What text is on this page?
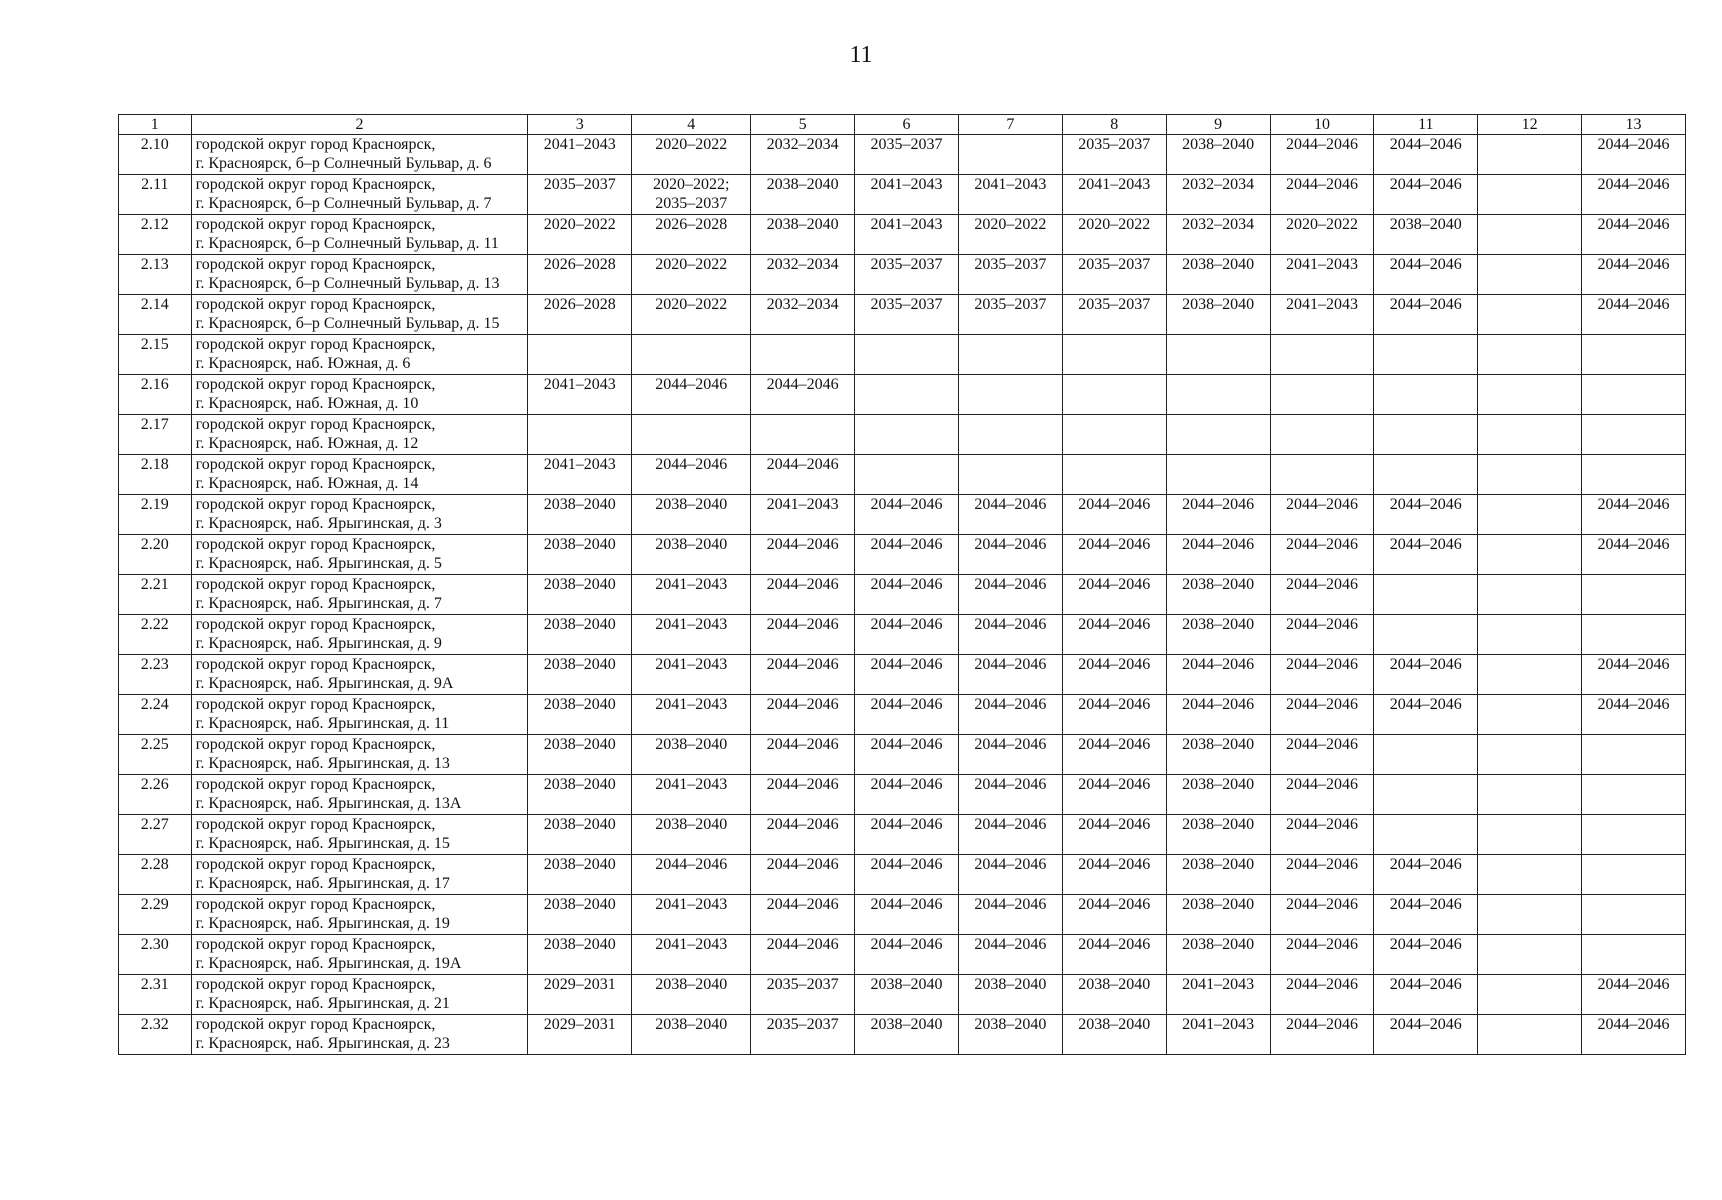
11
1	2	3	4	5	6	7	8	9	10	11	12	13
2.10	городской округ город Красноярск,
г. Красноярск, б–р Солнечный Бульвар, д. 6	2041–2043	2020–2022	2032–2034	2035–2037		2035–2037	2038–2040	2044–2046	2044–2046		2044–2046
2.11	городской округ город Красноярск,
г. Красноярск, б–р Солнечный Бульвар, д. 7	2035–2037	2020–2022;
2035–2037	2038–2040	2041–2043	2041–2043	2041–2043	2032–2034	2044–2046	2044–2046		2044–2046
2.12	городской округ город Красноярск,
г. Красноярск, б–р Солнечный Бульвар, д. 11	2020–2022	2026–2028	2038–2040	2041–2043	2020–2022	2020–2022	2032–2034	2020–2022	2038–2040		2044–2046
2.13	городской округ город Красноярск,
г. Красноярск, б–р Солнечный Бульвар, д. 13	2026–2028	2020–2022	2032–2034	2035–2037	2035–2037	2035–2037	2038–2040	2041–2043	2044–2046		2044–2046
2.14	городской округ город Красноярск,
г. Красноярск, б–р Солнечный Бульвар, д. 15	2026–2028	2020–2022	2032–2034	2035–2037	2035–2037	2035–2037	2038–2040	2041–2043	2044–2046		2044–2046
2.15	городской округ город Красноярск,
г. Красноярск, наб. Южная, д. 6											

2.16	городской округ город Красноярск,
г. Красноярск, наб. Южная, д. 10	2041–2043	2044–2046	2044–2046								
2.17	городской округ город Красноярск,
г. Красноярск, наб. Южная, д. 12											

2.18	городской округ город Красноярск,
г. Красноярск, наб. Южная, д. 14	2041–2043	2044–2046	2044–2046								
2.19	городской округ город Красноярск,
г. Красноярск, наб. Ярыгинская, д. 3	2038–2040	2038–2040	2041–2043	2044–2046	2044–2046	2044–2046	2044–2046	2044–2046	2044–2046		2044–2046
2.20	городской округ город Красноярск,
г. Красноярск, наб. Ярыгинская, д. 5	2038–2040	2038–2040	2044–2046	2044–2046	2044–2046	2044–2046	2044–2046	2044–2046	2044–2046		2044–2046
2.21	городской округ город Красноярск,
г. Красноярск, наб. Ярыгинская, д. 7	2038–2040	2041–2043	2044–2046	2044–2046	2044–2046	2044–2046	2038–2040	2044–2046			
2.22	городской округ город Красноярск,
г. Красноярск, наб. Ярыгинская, д. 9	2038–2040	2041–2043	2044–2046	2044–2046	2044–2046	2044–2046	2038–2040	2044–2046			
2.23	городской округ город Красноярск,
г. Красноярск, наб. Ярыгинская, д. 9А	2038–2040	2041–2043	2044–2046	2044–2046	2044–2046	2044–2046	2044–2046	2044–2046	2044–2046		2044–2046
2.24	городской округ город Красноярск,
г. Красноярск, наб. Ярыгинская, д. 11	2038–2040	2041–2043	2044–2046	2044–2046	2044–2046	2044–2046	2044–2046	2044–2046	2044–2046		2044–2046
2.25	городской округ город Красноярск,
г. Красноярск, наб. Ярыгинская, д. 13	2038–2040	2038–2040	2044–2046	2044–2046	2044–2046	2044–2046	2038–2040	2044–2046			
2.26	городской округ город Красноярск,
г. Красноярск, наб. Ярыгинская, д. 13А	2038–2040	2041–2043	2044–2046	2044–2046	2044–2046	2044–2046	2038–2040	2044–2046			
2.27	городской округ город Красноярск,
г. Красноярск, наб. Ярыгинская, д. 15	2038–2040	2038–2040	2044–2046	2044–2046	2044–2046	2044–2046	2038–2040	2044–2046			
2.28	городской округ город Красноярск,
г. Красноярск, наб. Ярыгинская, д. 17	2038–2040	2044–2046	2044–2046	2044–2046	2044–2046	2044–2046	2038–2040	2044–2046	2044–2046		
2.29	городской округ город Красноярск,
г. Красноярск, наб. Ярыгинская, д. 19	2038–2040	2041–2043	2044–2046	2044–2046	2044–2046	2044–2046	2038–2040	2044–2046	2044–2046		
2.30	городской округ город Красноярск,
г. Красноярск, наб. Ярыгинская, д. 19А	2038–2040	2041–2043	2044–2046	2044–2046	2044–2046	2044–2046	2038–2040	2044–2046	2044–2046		
2.31	городской округ город Красноярск,
г. Красноярск, наб. Ярыгинская, д. 21	2029–2031	2038–2040	2035–2037	2038–2040	2038–2040	2038–2040	2041–2043	2044–2046	2044–2046		2044–2046
2.32	городской округ город Красноярск,
г. Красноярск, наб. Ярыгинская, д. 23	2029–2031	2038–2040	2035–2037	2038–2040	2038–2040	2038–2040	2041–2043	2044–2046	2044–2046		2044–2046
